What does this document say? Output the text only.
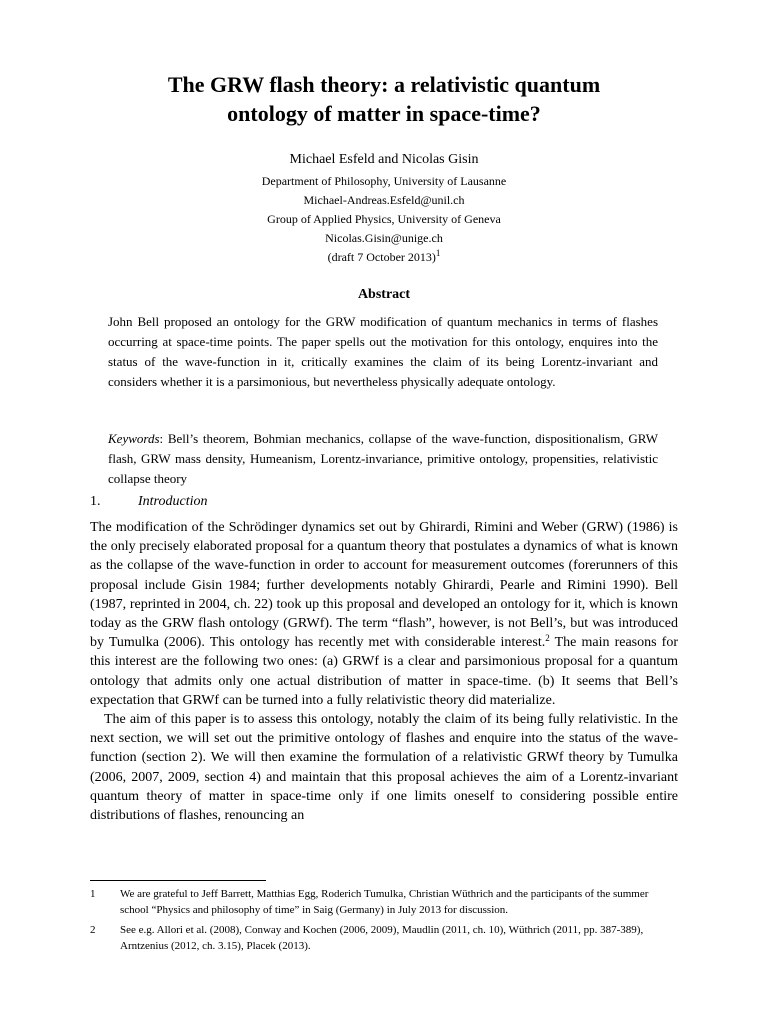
The GRW flash theory: a relativistic quantum
ontology of matter in space-time?
Michael Esfeld and Nicolas Gisin
Department of Philosophy, University of Lausanne
Michael-Andreas.Esfeld@unil.ch
Group of Applied Physics, University of Geneva
Nicolas.Gisin@unige.ch
(draft 7 October 2013)$^1$
Abstract
John Bell proposed an ontology for the GRW modification of quantum mechanics in terms of flashes occurring at space-time points. The paper spells out the motivation for this ontology, enquires into the status of the wave-function in it, critically examines the claim of its being Lorentz-invariant and considers whether it is a parsimonious, but nevertheless physically adequate ontology.
Keywords: Bell’s theorem, Bohmian mechanics, collapse of the wave-function, dispositionalism, GRW flash, GRW mass density, Humeanism, Lorentz-invariance, primitive ontology, propensities, relativistic collapse theory
1.	Introduction

The modification of the Schrödinger dynamics set out by Ghirardi, Rimini and Weber (GRW) (1986) is the only precisely elaborated proposal for a quantum theory that postulates a dynamics of what is known as the collapse of the wave-function in order to account for measurement outcomes (forerunners of this proposal include Gisin 1984; further developments notably Ghirardi, Pearle and Rimini 1990). Bell (1987, reprinted in 2004, ch. 22) took up this proposal and developed an ontology for it, which is known today as the GRW flash ontology (GRWf). The term “flash”, however, is not Bell’s, but was introduced by Tumulka (2006). This ontology has recently met with considerable interest.$^2$ The main reasons for this interest are the following two ones: (a) GRWf is a clear and parsimonious proposal for a quantum ontology that admits only one actual distribution of matter in space-time. (b) It seems that Bell’s expectation that GRWf can be turned into a fully relativistic theory did materialize.

The aim of this paper is to assess this ontology, notably the claim of its being fully relativistic. In the next section, we will set out the primitive ontology of flashes and enquire into the status of the wave-function (section 2). We will then examine the formulation of a relativistic GRWf theory by Tumulka (2006, 2007, 2009, section 4) and maintain that this proposal achieves the aim of a Lorentz-invariant quantum theory of matter in space-time only if one limits oneself to considering possible entire distributions of flashes, renouncing an

1 We are grateful to Jeff Barrett, Matthias Egg, Roderich Tumulka, Christian Wüthrich and the participants of the summer school “Physics and philosophy of time” in Saig (Germany) in July 2013 for discussion.
2 See e.g. Allori et al. (2008), Conway and Kochen (2006, 2009), Maudlin (2011, ch. 10), Wüthrich (2011, pp. 387-389), Arntzenius (2012, ch. 3.15), Placek (2013).
